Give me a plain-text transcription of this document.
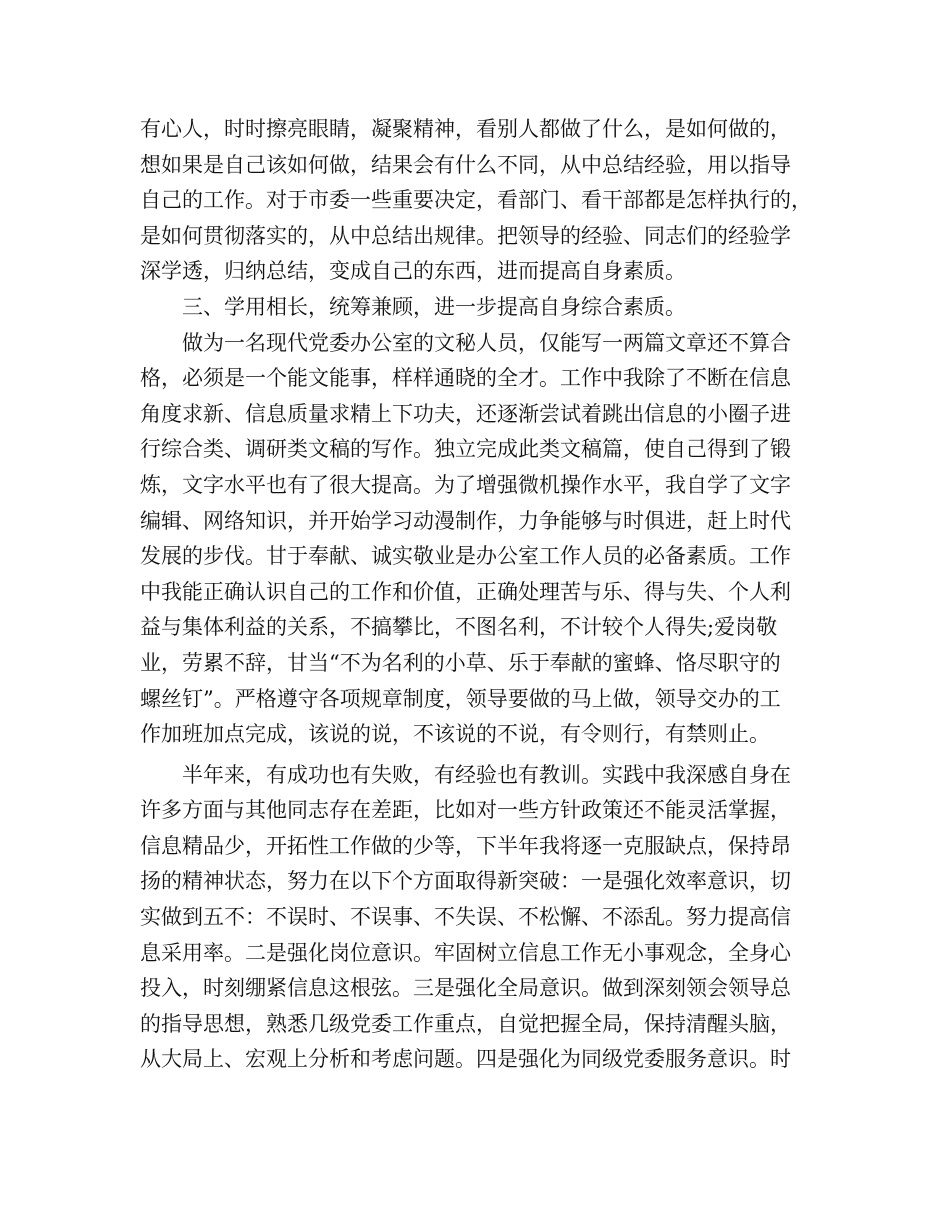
有心人，时时擦亮眼睛，凝聚精神，看别人都做了什么，是如何做的，
想如果是自己该如何做，结果会有什么不同，从中总结经验，用以指导
自己的工作。对于市委一些重要决定，看部门、看干部都是怎样执行的，
是如何贯彻落实的，从中总结出规律。把领导的经验、同志们的经验学
深学透，归纳总结，变成自己的东西，进而提高自身素质。
三、学用相长，统筹兼顾，进一步提高自身综合素质。
做为一名现代党委办公室的文秘人员，仅能写一两篇文章还不算合
格，必须是一个能文能事，样样通晓的全才。工作中我除了不断在信息
角度求新、信息质量求精上下功夫，还逐渐尝试着跳出信息的小圈子进
行综合类、调研类文稿的写作。独立完成此类文稿篇，使自己得到了锻
炼，文字水平也有了很大提高。为了增强微机操作水平，我自学了文字
编辑、网络知识，并开始学习动漫制作，力争能够与时俱进，赶上时代
发展的步伐。甘于奉献、诚实敬业是办公室工作人员的必备素质。工作
中我能正确认识自己的工作和价值，正确处理苦与乐、得与失、个人利
益与集体利益的关系，不搞攀比，不图名利，不计较个人得失;爱岗敬
业，劳累不辞，甘当“不为名利的小草、乐于奉献的蜜蜂、恪尽职守的
螺丝钉”。严格遵守各项规章制度，领导要做的马上做，领导交办的工
作加班加点完成，该说的说，不该说的不说，有令则行，有禁则止。
半年来，有成功也有失败，有经验也有教训。实践中我深感自身在
许多方面与其他同志存在差距，比如对一些方针政策还不能灵活掌握，
信息精品少，开拓性工作做的少等，下半年我将逐一克服缺点，保持昂
扬的精神状态，努力在以下个方面取得新突破：一是强化效率意识，切
实做到五不：不误时、不误事、不失误、不松懈、不添乱。努力提高信
息采用率。二是强化岗位意识。牢固树立信息工作无小事观念，全身心
投入，时刻绷紧信息这根弦。三是强化全局意识。做到深刻领会领导总
的指导思想，熟悉几级党委工作重点，自觉把握全局，保持清醒头脑，
从大局上、宏观上分析和考虑问题。四是强化为同级党委服务意识。时
